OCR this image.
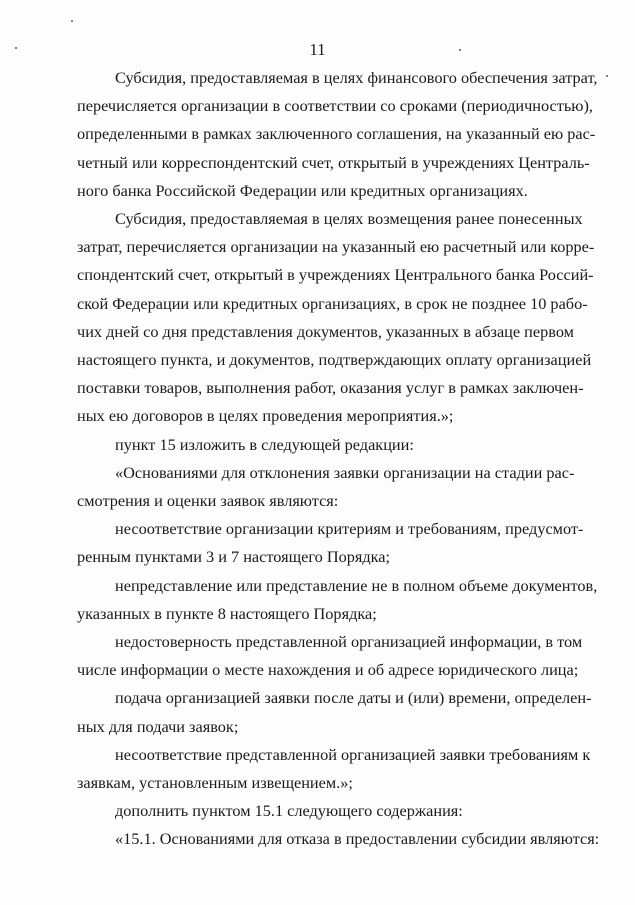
11
Субсидия, предоставляемая в целях финансового обеспечения затрат,
перечисляется организации в соответствии со сроками (периодичностью),
определенными в рамках заключенного соглашения, на указанный ею рас-
четный или корреспондентский счет, открытый в учреждениях Централь-
ного банка Российской Федерации или кредитных организациях.
Субсидия, предоставляемая в целях возмещения ранее понесенных
затрат, перечисляется организации на указанный ею расчетный или корре-
спондентский счет, открытый в учреждениях Центрального банка Россий-
ской Федерации или кредитных организациях, в срок не позднее 10 рабо-
чих дней со дня представления документов, указанных в абзаце первом
настоящего пункта, и документов, подтверждающих оплату организацией
поставки товаров, выполнения работ, оказания услуг в рамках заключен-
ных ею договоров в целях проведения мероприятия.»;
пункт 15 изложить в следующей редакции:
«Основаниями для отклонения заявки организации на стадии рас-
смотрения и оценки заявок являются:
несоответствие организации критериям и требованиям, предусмот-
ренным пунктами 3 и 7 настоящего Порядка;
непредставление или представление не в полном объеме документов,
указанных в пункте 8 настоящего Порядка;
недостоверность представленной организацией информации, в том
числе информации о месте нахождения и об адресе юридического лица;
подача организацией заявки после даты и (или) времени, определен-
ных для подачи заявок;
несоответствие представленной организацией заявки требованиям к
заявкам, установленным извещением.»;
дополнить пунктом 15.1 следующего содержания:
«15.1. Основаниями для отказа в предоставлении субсидии являются:
